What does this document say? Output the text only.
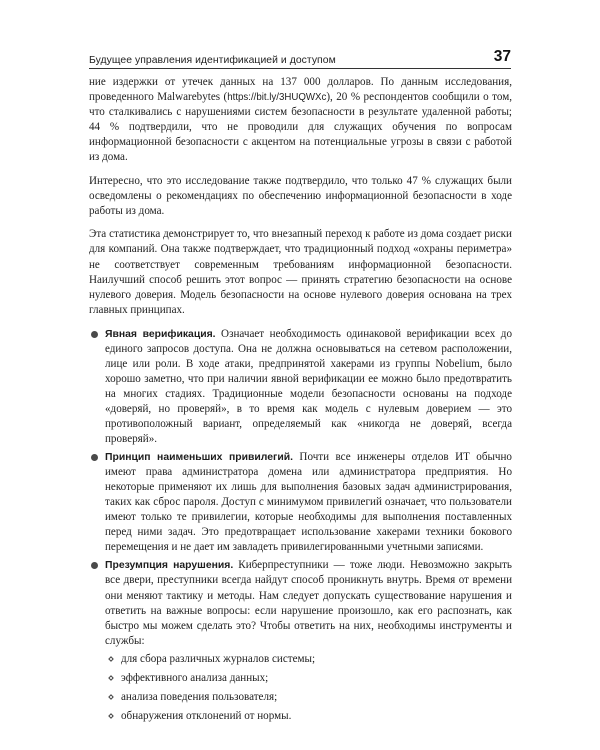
Будущее управления идентификацией и доступом	37

ние издержки от утечек данных на 137 000 долларов. По данным исследования, проведенного Malwarebytes (https://bit.ly/3HUQWXc), 20 % респондентов сообщили о том, что сталкивались с нарушениями систем безопасности в результате удаленной работы; 44 % подтвердили, что не проводили для служащих обучения по вопросам информационной безопасности с акцентом на потенциальные угрозы в связи с работой из дома.

Интересно, что это исследование также подтвердило, что только 47 % служащих были осведомлены о рекомендациях по обеспечению информационной безопасности в ходе работы из дома.

Эта статистика демонстрирует то, что внезапный переход к работе из дома создает риски для компаний. Она также подтверждает, что традиционный подход «охраны периметра» не соответствует современным требованиям информационной безопасности. Наилучший способ решить этот вопрос — принять стратегию безопасности на основе нулевого доверия. Модель безопасности на основе нулевого доверия основана на трех главных принципах.

Явная верификация. Означает необходимость одинаковой верификации всех до единого запросов доступа. Она не должна основываться на сетевом расположении, лице или роли. В ходе атаки, предпринятой хакерами из группы Nobelium, было хорошо заметно, что при наличии явной верификации ее можно было предотвратить на многих стадиях. Традиционные модели безопасности основаны на подходе «доверяй, но проверяй», в то время как модель с нулевым доверием — это противоположный вариант, определяемый как «никогда не доверяй, всегда проверяй».

Принцип наименьших привилегий. Почти все инженеры отделов ИТ обычно имеют права администратора домена или администратора предприятия. Но некоторые применяют их лишь для выполнения базовых задач администрирования, таких как сброс пароля. Доступ с минимумом привилегий означает, что пользователи имеют только те привилегии, которые необходимы для выполнения поставленных перед ними задач. Это предотвращает использование хакерами техники бокового перемещения и не дает им завладеть привилегированными учетными записями.

Презумпция нарушения. Киберпреступники — тоже люди. Невозможно закрыть все двери, преступники всегда найдут способ проникнуть внутрь. Время от времени они меняют тактику и методы. Нам следует допускать существование нарушения и ответить на важные вопросы: если нарушение произошло, как его распознать, как быстро мы можем сделать это? Чтобы ответить на них, необходимы инструменты и службы:

для сбора различных журналов системы;
эффективного анализа данных;
анализа поведения пользователя;
обнаружения отклонений от нормы.
